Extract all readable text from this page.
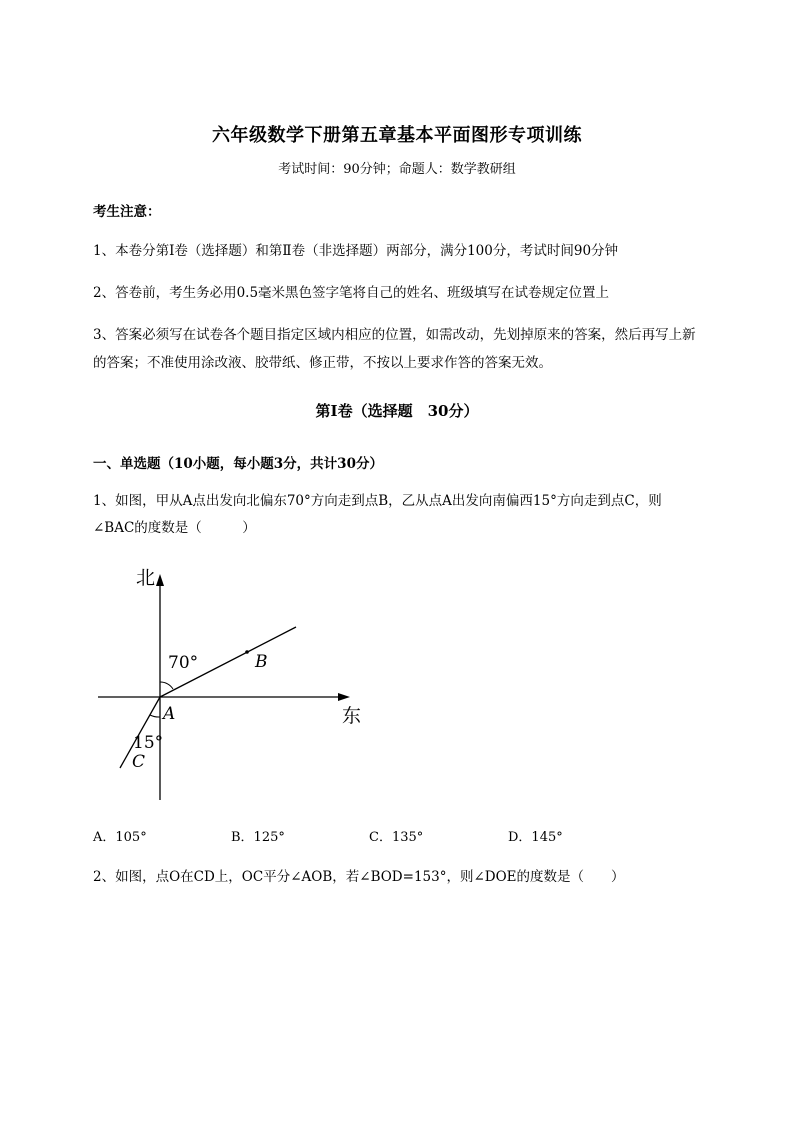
六年级数学下册第五章基本平面图形专项训练
考试时间：90分钟；命题人：数学教研组
考生注意：
1、本卷分第I卷（选择题）和第Ⅱ卷（非选择题）两部分，满分100分，考试时间90分钟
2、答卷前，考生务必用0.5毫米黑色签字笔将自己的姓名、班级填写在试卷规定位置上
3、答案必须写在试卷各个题目指定区域内相应的位置，如需改动，先划掉原来的答案，然后再写上新
的答案；不准使用涂改液、胶带纸、修正带，不按以上要求作答的答案无效。
第I卷（选择题　30分）
一、单选题（10小题，每小题3分，共计30分）
1、如图，甲从A点出发向北偏东70°方向走到点B，乙从点A出发向南偏西15°方向走到点C，则
∠BAC的度数是（　　　）
北
东
70°
15°
A
B
C
A．105°	B．125°	C．135°	D．145°
2、如图，点O在CD上，OC平分∠AOB，若∠BOD=153°，则∠DOE的度数是（　　）
